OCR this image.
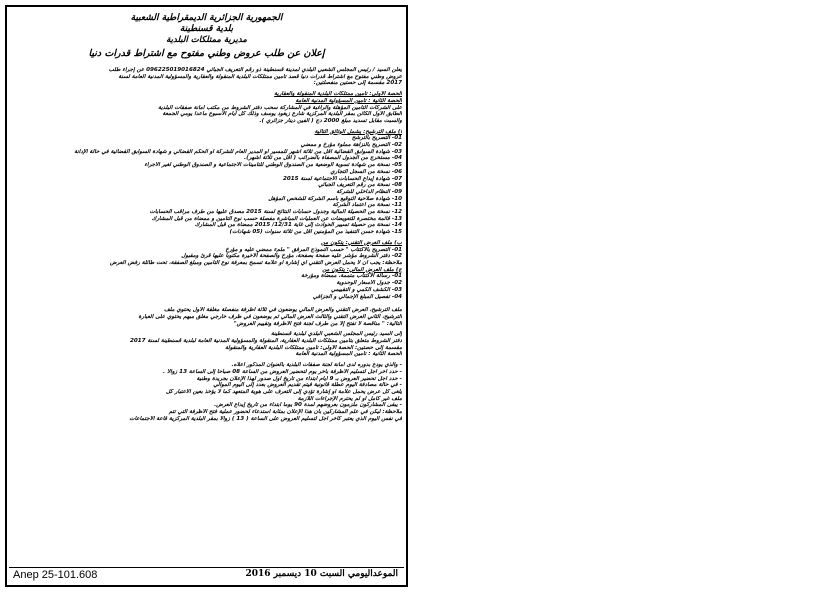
الجمهورية الجزائرية الديمقراطية الشعبية
بلدية قسنطينة
مديرية ممتلكات البلدية
إعلان عن طلب عروض وطني مفتوح مع اشتراط قدرات دنيا
يعلن السيد / رئيس المجلس الشعبي البلدي لمدينة قسنطينة ذو رقم التعريف الجبائي 096225019016824 عن إجراء طلب
عروض وطني مفتوح مع اشتراط قدرات دنيا قصد تأمين ممتلكات البلدية المنقولة والعقارية والمسؤولية المدنية العامة لسنة
2017 مقسمة إلى حصتين منفصلتين:
الحصة الأولى: تأمين ممتلكات البلدية المنقولة والعقارية
الحصة الثانية : تأمين المسؤولية المدنية العامة
على الشركات التأمين المؤهلة والراغبة في المشاركة سحب دفتر الشروط من مكتب أمانة صفقات البلدية
الطابق الأول الكائن بمقر البلدية المركزية شارع زيغود يوسف وذلك كل أيام الأسبوع ماعدا يومي الجمعة
والسبت مقابل تسديد مبلغ 2000 دج ( ألفين دينار جزائري ).
أ) ملف الترشيح: يشمل الوثائق التالية
01- التصريح بالترشح
02- التصريح بالنزاهة مملوء مؤرخ و ممضي
03- شهادة السوابق القضائية أقل من ثلاثة أشهر للمسير أو المدير العام للشركة أو الحكم القضائي و شهادة السوابق القضائية في حالة الإدانة
04- مستخرج من الجدول المصفاة بالضرائب ( أقل من ثلاثة أشهر).
05- نسخة من شهادة تسوية الوضعية من الصندوق الوطني للتأمينات الاجتماعية و الصندوق الوطني لغير الأجراء
06- نسخة من السجل التجاري
07- شهادة إيداع الحسابات الاجتماعية لسنة 2015
08- نسخة من رقم التعريف الجبائي
09- النظام الداخلي للشركة
10- شهادة صلاحية التوقيع باسم الشركة للشخص المؤهل
11- نسخة من اعتماد الشركة
12- نسخة من الحصيلة المالية وجدول حسابات النتائج لسنة 2015 مصدق عليها من طرف مراقب الحسابات
13- قائمة مختصرة للتعويضات عن العمليات المباشرة مفصلة حسب نوع التأمين و ممضاة من قبل المشارك
14- نسخة من حصيلة تسيير الحوادث إلى غاية 12/31/ 2015 ممضاة من قبل المشارك
15- شهادة حسن التنفيذ من المؤمنين أقل من ثلاثة سنوات (05 شهادات)
ب) ملف العرض التقني: يتكون من
01- التصريح بالاكتتاب " حسب النموذج المرفق " ملمء ممضي عليه و مؤرخ
02- دفتر الشروط مؤشر عليه صفحة بصفحة، مؤرخ والصفحة الأخيرة مكتوبا عليها قرئ ومقبول
ملاحظة: يجب أن لا يحمل العرض التقني أي إشارة أو علامة تسمح بمعرفة نوع التأمين ومبلغ الصفقة، تحت طائلة رفض العرض
ج) ملف العرض المالي: يتكون من
01- رسالة الاكتتاب متممة، ممضاة ومؤرخة
02- جدول الأسعار الوحدوية
03- الكشف الكمي و التقييمي
04- تفصيل المبلغ الإجمالي و الجزافي
ملف الترشيح، العرض التقني والعرض المالي يوضعون في ثلاثة أظرفة منفصلة مغلقة الأول يحتوي ملف
الترشيح، الثاني العرض التقني والثالث العرض المالي ثم يوضعون في ظرف خارجي مغلق مبهم يحتوي على العبارة
التالية: " مناقصة لا تفتح إلا من طرف لجنة فتح الأظرفة وتقييم العروض"
إلى السيد رئيس المجلس الشعبي البلدي لبلدية قسنطينة
دفتر الشروط متعلق بتأمين ممتلكات البلدية العقارية، المنقولة والمسؤولية المدنية العامة لبلدية قسنطينة لسنة 2017
مقسمة إلى حصتين: الحصة الأولى: تأمين ممتلكات البلدية العقارية والمنقولة
الحصة الثانية : تأمين المسؤولية المدنية العامة
- والذي يودع بدوره لدى أمانة لجنة صفقات البلدية بالعنوان المذكور أعلاه.
- حدد آخر أجل لتسليم الأظرفة بآخر يوم لتحضير العروض من الساعة 08 صباحا إلى الساعة 13 زوالا .
- حدد أجل تحضير العروض بـ 9 أيام ابتداء من تاريخ أول صدور لهذا الإعلان بجريدة وطنية
- في حالة مصادفة اليوم عطلة قانونية فيتم تقديم العروض بعدد إلى اليوم الموالي
يلغى كل عرض يحمل علامة أو إشارة تؤدي إلى التعرف على هوية المتعهد كما لا يؤخذ بعين الاعتبار كل
ملف غير كامل أو لم يحترم الإجراءات اللازمة
- يبقى المشاركون ملزمون بعروضهم لمدة 90 يوما ابتداء من تاريخ إيداع العرض.
ملاحظة: ليكن في علم المشاركين بأن هذا الإعلان بمثابة استدعاء لحضور عملية فتح الأظرفة التي تتم
في نفس اليوم الذي يعتبر كآخر أجل لتسليم العروض على الساعة ( 13 ) زوالا بمقر البلدية المركزية قاعة الاجتماعات
Anep 25-101.608	الموعداليومي السبت 10 ديسمبر 2016
